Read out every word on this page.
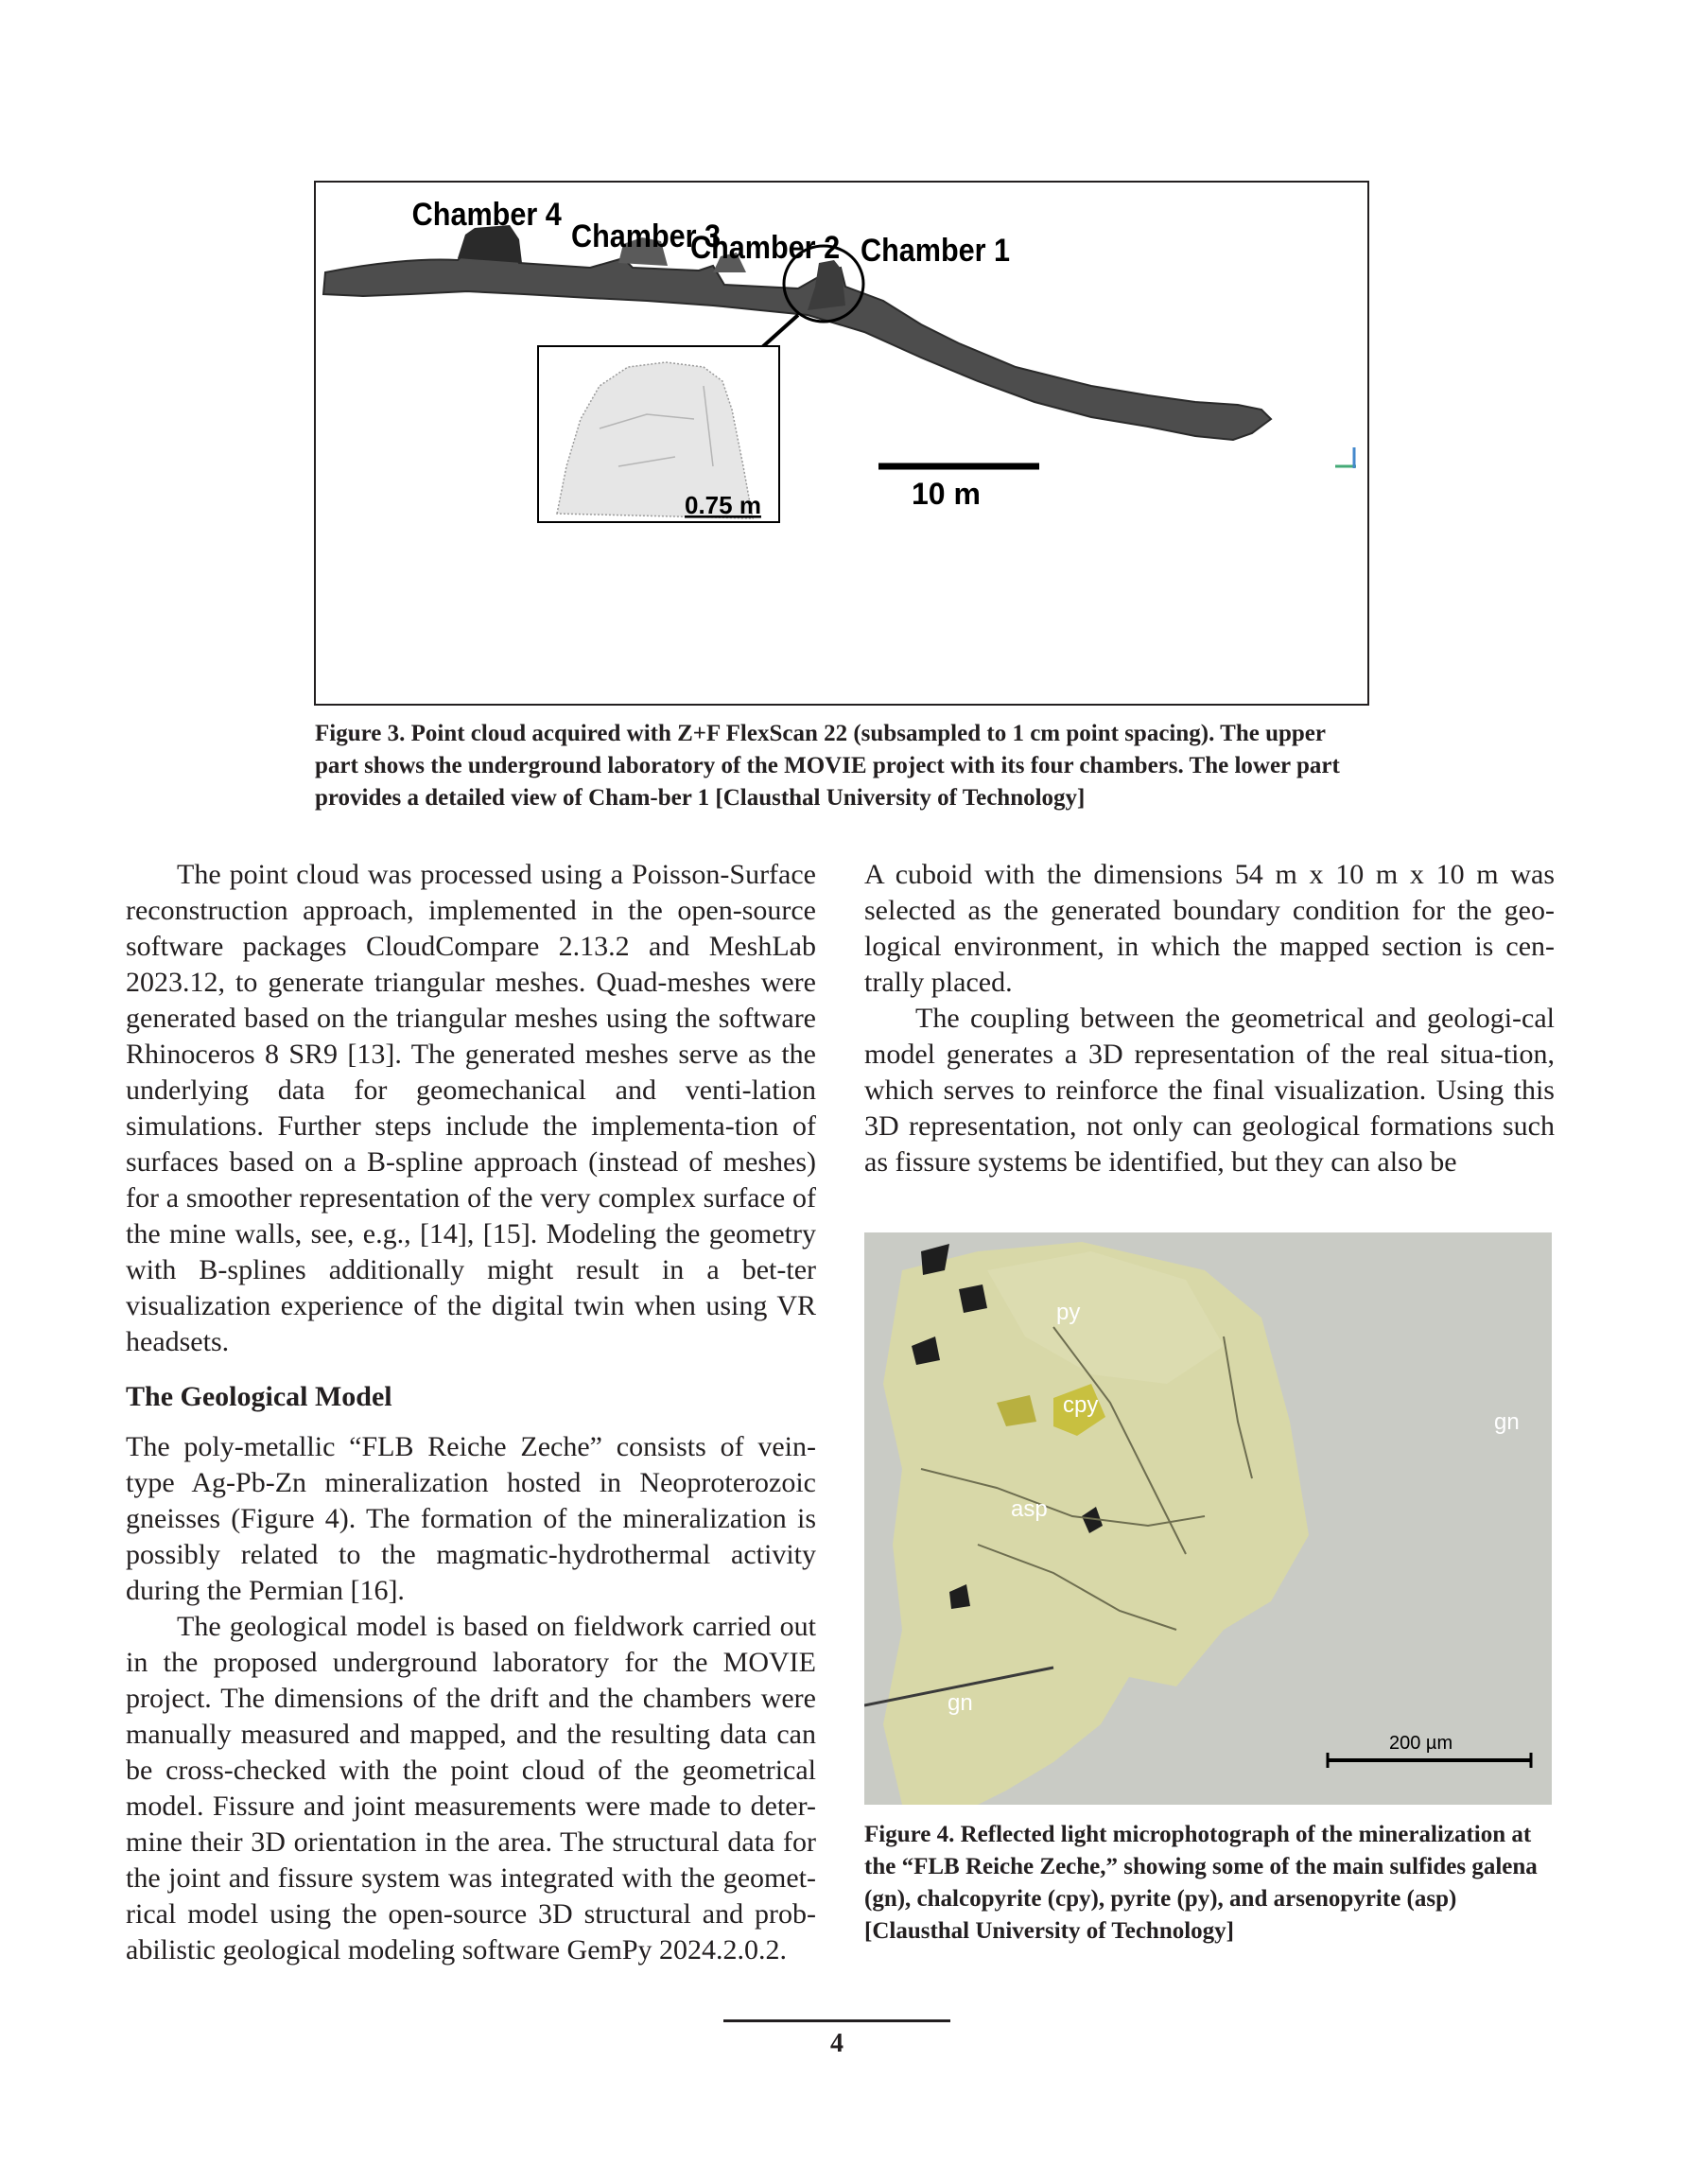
Chamber 4
Chamber 3
Chamber 2 Chamber 1
10 m
0.75 m

Figure 3. Point cloud acquired with Z+F FlexScan 22 (subsampled to 1 cm point spacing). The upper part shows the underground laboratory of the MOVIE project with its four chambers. The lower part provides a detailed view of Cham-ber 1 [Clausthal University of Technology]

The point cloud was processed using a Poisson-Surface reconstruction approach, implemented in the open-source software packages CloudCompare 2.13.2 and MeshLab 2023.12, to generate triangular meshes. Quad-meshes were generated based on the triangular meshes using the software Rhinoceros 8 SR9 [13]. The generated meshes serve as the underlying data for geomechanical and venti-lation simulations. Further steps include the implementa-tion of surfaces based on a B-spline approach (instead of meshes) for a smoother representation of the very complex surface of the mine walls, see, e.g., [14], [15]. Modeling the geometry with B-splines additionally might result in a bet-ter visualization experience of the digital twin when using VR headsets.

The Geological Model

The poly-metallic “FLB Reiche Zeche” consists of vein-type Ag-Pb-Zn mineralization hosted in Neoproterozoic gneisses (Figure 4). The formation of the mineralization is possibly related to the magmatic-hydrothermal activity during the Permian [16].

The geological model is based on fieldwork carried out in the proposed underground laboratory for the MOVIE project. The dimensions of the drift and the chambers were manually measured and mapped, and the resulting data can be cross-checked with the point cloud of the geometrical model. Fissure and joint measurements were made to deter-mine their 3D orientation in the area. The structural data for the joint and fissure system was integrated with the geomet-rical model using the open-source 3D structural and prob-abilistic geological modeling software GemPy 2024.2.0.2.

A cuboid with the dimensions 54 m x 10 m x 10 m was selected as the generated boundary condition for the geo-logical environment, in which the mapped section is cen-trally placed.

The coupling between the geometrical and geologi-cal model generates a 3D representation of the real situa-tion, which serves to reinforce the final visualization. Using this 3D representation, not only can geological formations such as fissure systems be identified, but they can also be

py
cpy
gn
asp
gn
200 µm

Figure 4. Reflected light microphotograph of the mineralization at the “FLB Reiche Zeche,” showing some of the main sulfides galena (gn), chalcopyrite (cpy), pyrite (py), and arsenopyrite (asp) [Clausthal University of Technology]

4
